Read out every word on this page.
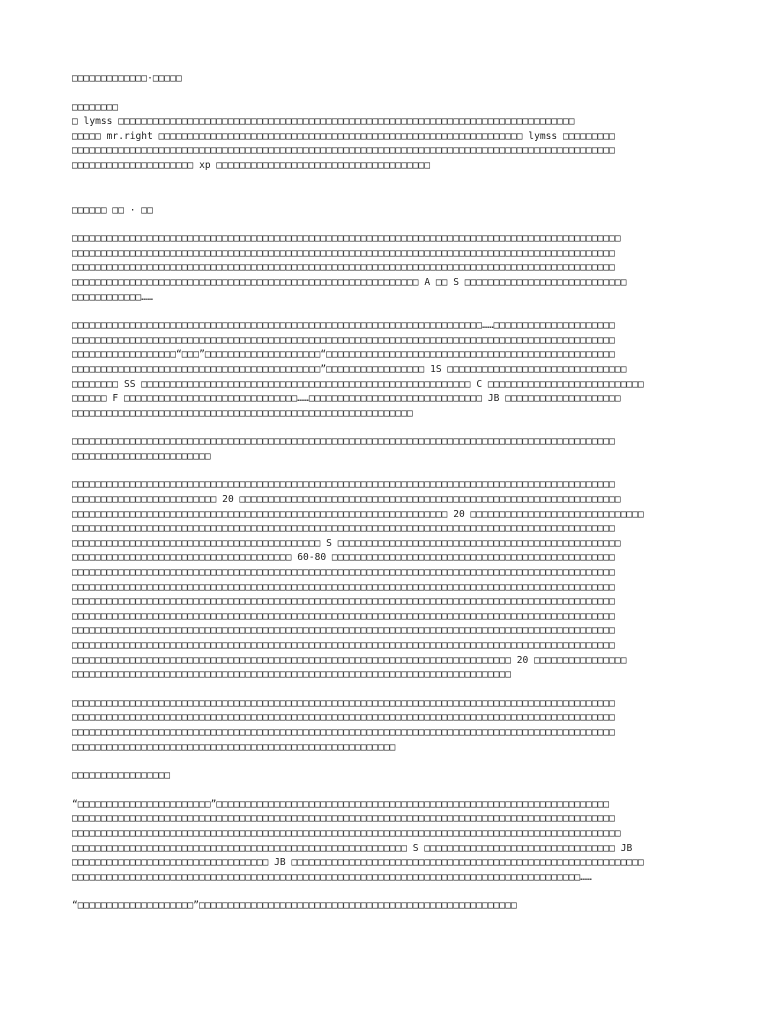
□□□□□□□□□□□□□·□□□□□

□□□□□□□□
□ lymss □□□□□□□□□□□□□□□□□□□□□□□□□□□□□□□□□□□□□□□□□□□□□□□□□□□□□□□□□□□□□□□□□□□□□□□□□□□□□□□
□□□□□ mr.right □□□□□□□□□□□□□□□□□□□□□□□□□□□□□□□□□□□□□□□□□□□□□□□□□□□□□□□□□□□□□□□ lymss □□□□□□□□□
□□□□□□□□□□□□□□□□□□□□□□□□□□□□□□□□□□□□□□□□□□□□□□□□□□□□□□□□□□□□□□□□□□□□□□□□□□□□□□□□□□□□□□□□□□□□□□
□□□□□□□□□□□□□□□□□□□□□ xp □□□□□□□□□□□□□□□□□□□□□□□□□□□□□□□□□□□□□

□□□□□□ □□ · □□

□□□□□□□□□□□□□□□□□□□□□□□□□□□□□□□□□□□□□□□□□□□□□□□□□□□□□□□□□□□□□□□□□□□□□□□□□□□□□□□□□□□□□□□□□□□□□□□
□□□□□□□□□□□□□□□□□□□□□□□□□□□□□□□□□□□□□□□□□□□□□□□□□□□□□□□□□□□□□□□□□□□□□□□□□□□□□□□□□□□□□□□□□□□□□□
□□□□□□□□□□□□□□□□□□□□□□□□□□□□□□□□□□□□□□□□□□□□□□□□□□□□□□□□□□□□□□□□□□□□□□□□□□□□□□□□□□□□□□□□□□□□□□
□□□□□□□□□□□□□□□□□□□□□□□□□□□□□□□□□□□□□□□□□□□□□□□□□□□□□□□□□□□□ A □□ S □□□□□□□□□□□□□□□□□□□□□□□□□□□□
□□□□□□□□□□□□……

□□□□□□□□□□□□□□□□□□□□□□□□□□□□□□□□□□□□□□□□□□□□□□□□□□□□□□□□□□□□□□□□□□□□□□□……□□□□□□□□□□□□□□□□□□□□□
□□□□□□□□□□□□□□□□□□□□□□□□□□□□□□□□□□□□□□□□□□□□□□□□□□□□□□□□□□□□□□□□□□□□□□□□□□□□□□□□□□□□□□□□□□□□□□
□□□□□□□□□□□□□□□□□□“□□□”□□□□□□□□□□□□□□□□□□□□“□□□□□□□□□□□□□□□□□□□□□□□□□□□□□□□□□□□□□□□□□□□□□□□□□□
□□□□□□□□□□□□□□□□□□□□□□□□□□□□□□□□□□□□□□□□□□□”□□□□□□□□□□□□□□□□□ 1S □□□□□□□□□□□□□□□□□□□□□□□□□□□□□□□
□□□□□□□□ SS □□□□□□□□□□□□□□□□□□□□□□□□□□□□□□□□□□□□□□□□□□□□□□□□□□□□□□□□□ C □□□□□□□□□□□□□□□□□□□□□□□□□□□
□□□□□□ F □□□□□□□□□□□□□□□□□□□□□□□□□□□□□□……□□□□□□□□□□□□□□□□□□□□□□□□□□□□□□ JB □□□□□□□□□□□□□□□□□□□□
□□□□□□□□□□□□□□□□□□□□□□□□□□□□□□□□□□□□□□□□□□□□□□□□□□□□□□□□□□□

□□□□□□□□□□□□□□□□□□□□□□□□□□□□□□□□□□□□□□□□□□□□□□□□□□□□□□□□□□□□□□□□□□□□□□□□□□□□□□□□□□□□□□□□□□□□□□
□□□□□□□□□□□□□□□□□□□□□□□□

□□□□□□□□□□□□□□□□□□□□□□□□□□□□□□□□□□□□□□□□□□□□□□□□□□□□□□□□□□□□□□□□□□□□□□□□□□□□□□□□□□□□□□□□□□□□□□
□□□□□□□□□□□□□□□□□□□□□□□□□ 20 □□□□□□□□□□□□□□□□□□□□□□□□□□□□□□□□□□□□□□□□□□□□□□□□□□□□□□□□□□□□□□□□□□
□□□□□□□□□□□□□□□□□□□□□□□□□□□□□□□□□□□□□□□□□□□□□□□□□□□□□□□□□□□□□□□□□ 20 □□□□□□□□□□□□□□□□□□□□□□□□□□□□□□
□□□□□□□□□□□□□□□□□□□□□□□□□□□□□□□□□□□□□□□□□□□□□□□□□□□□□□□□□□□□□□□□□□□□□□□□□□□□□□□□□□□□□□□□□□□□□□
□□□□□□□□□□□□□□□□□□□□□□□□□□□□□□□□□□□□□□□□□□□ S □□□□□□□□□□□□□□□□□□□□□□□□□□□□□□□□□□□□□□□□□□□□□□□□□
□□□□□□□□□□□□□□□□□□□□□□□□□□□□□□□□□□□□□□ 60-80 □□□□□□□□□□□□□□□□□□□□□□□□□□□□□□□□□□□□□□□□□□□□□□□□□
□□□□□□□□□□□□□□□□□□□□□□□□□□□□□□□□□□□□□□□□□□□□□□□□□□□□□□□□□□□□□□□□□□□□□□□□□□□□□□□□□□□□□□□□□□□□□□
□□□□□□□□□□□□□□□□□□□□□□□□□□□□□□□□□□□□□□□□□□□□□□□□□□□□□□□□□□□□□□□□□□□□□□□□□□□□□□□□□□□□□□□□□□□□□□
□□□□□□□□□□□□□□□□□□□□□□□□□□□□□□□□□□□□□□□□□□□□□□□□□□□□□□□□□□□□□□□□□□□□□□□□□□□□□□□□□□□□□□□□□□□□□□
□□□□□□□□□□□□□□□□□□□□□□□□□□□□□□□□□□□□□□□□□□□□□□□□□□□□□□□□□□□□□□□□□□□□□□□□□□□□□□□□□□□□□□□□□□□□□□
□□□□□□□□□□□□□□□□□□□□□□□□□□□□□□□□□□□□□□□□□□□□□□□□□□□□□□□□□□□□□□□□□□□□□□□□□□□□□□□□□□□□□□□□□□□□□□
□□□□□□□□□□□□□□□□□□□□□□□□□□□□□□□□□□□□□□□□□□□□□□□□□□□□□□□□□□□□□□□□□□□□□□□□□□□□□□□□□□□□□□□□□□□□□□
□□□□□□□□□□□□□□□□□□□□□□□□□□□□□□□□□□□□□□□□□□□□□□□□□□□□□□□□□□□□□□□□□□□□□□□□□□□□ 20 □□□□□□□□□□□□□□□□
□□□□□□□□□□□□□□□□□□□□□□□□□□□□□□□□□□□□□□□□□□□□□□□□□□□□□□□□□□□□□□□□□□□□□□□□□□□□

□□□□□□□□□□□□□□□□□□□□□□□□□□□□□□□□□□□□□□□□□□□□□□□□□□□□□□□□□□□□□□□□□□□□□□□□□□□□□□□□□□□□□□□□□□□□□□
□□□□□□□□□□□□□□□□□□□□□□□□□□□□□□□□□□□□□□□□□□□□□□□□□□□□□□□□□□□□□□□□□□□□□□□□□□□□□□□□□□□□□□□□□□□□□□
□□□□□□□□□□□□□□□□□□□□□□□□□□□□□□□□□□□□□□□□□□□□□□□□□□□□□□□□□□□□□□□□□□□□□□□□□□□□□□□□□□□□□□□□□□□□□□
□□□□□□□□□□□□□□□□□□□□□□□□□□□□□□□□□□□□□□□□□□□□□□□□□□□□□□□□

□□□□□□□□□□□□□□□□□

“□□□□□□□□□□□□□□□□□□□□□□□”□□□□□□□□□□□□□□□□□□□□□□□□□□□□□□□□□□□□□□□□□□□□□□□□□□□□□□□□□□□□□□□□□□□□
□□□□□□□□□□□□□□□□□□□□□□□□□□□□□□□□□□□□□□□□□□□□□□□□□□□□□□□□□□□□□□□□□□□□□□□□□□□□□□□□□□□□□□□□□□□□□□
□□□□□□□□□□□□□□□□□□□□□□□□□□□□□□□□□□□□□□□□□□□□□□□□□□□□□□□□□□□□□□□□□□□□□□□□□□□□□□□□□□□□□□□□□□□□□□□
□□□□□□□□□□□□□□□□□□□□□□□□□□□□□□□□□□□□□□□□□□□□□□□□□□□□□□□□□□ S □□□□□□□□□□□□□□□□□□□□□□□□□□□□□□□□□ JB
□□□□□□□□□□□□□□□□□□□□□□□□□□□□□□□□□□ JB □□□□□□□□□□□□□□□□□□□□□□□□□□□□□□□□□□□□□□□□□□□□□□□□□□□□□□□□□□□□□
□□□□□□□□□□□□□□□□□□□□□□□□□□□□□□□□□□□□□□□□□□□□□□□□□□□□□□□□□□□□□□□□□□□□□□□□□□□□□□□□□□□□□□□□……

“□□□□□□□□□□□□□□□□□□□□”□□□□□□□□□□□□□□□□□□□□□□□□□□□□□□□□□□□□□□□□□□□□□□□□□□□□□□□
